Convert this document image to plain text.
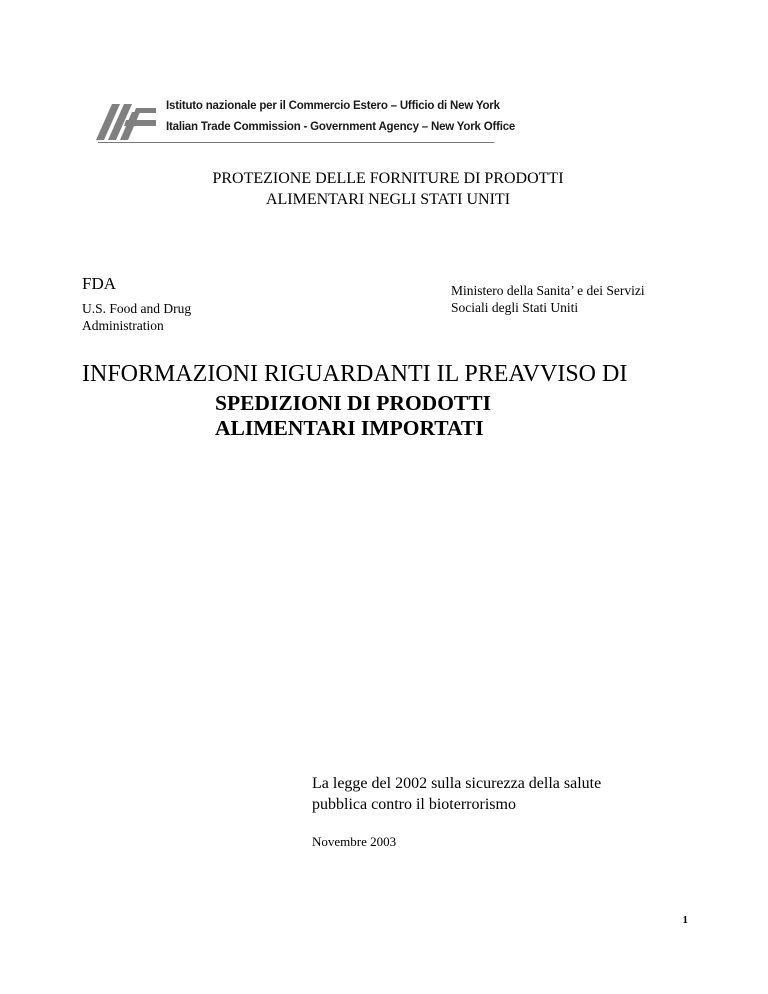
Istituto nazionale per il Commercio Estero – Ufficio di New York
Italian Trade Commission - Government Agency – New York Office
PROTEZIONE DELLE FORNITURE DI PRODOTTI
ALIMENTARI NEGLI STATI UNITI
FDA
U.S. Food and Drug
Administration
Ministero della Sanita’ e dei Servizi
Sociali degli Stati Uniti
INFORMAZIONI RIGUARDANTI IL PREAVVISO DI
SPEDIZIONI DI PRODOTTI
ALIMENTARI IMPORTATI
La legge del 2002 sulla sicurezza della salute
pubblica contro il bioterrorismo
Novembre 2003
1
